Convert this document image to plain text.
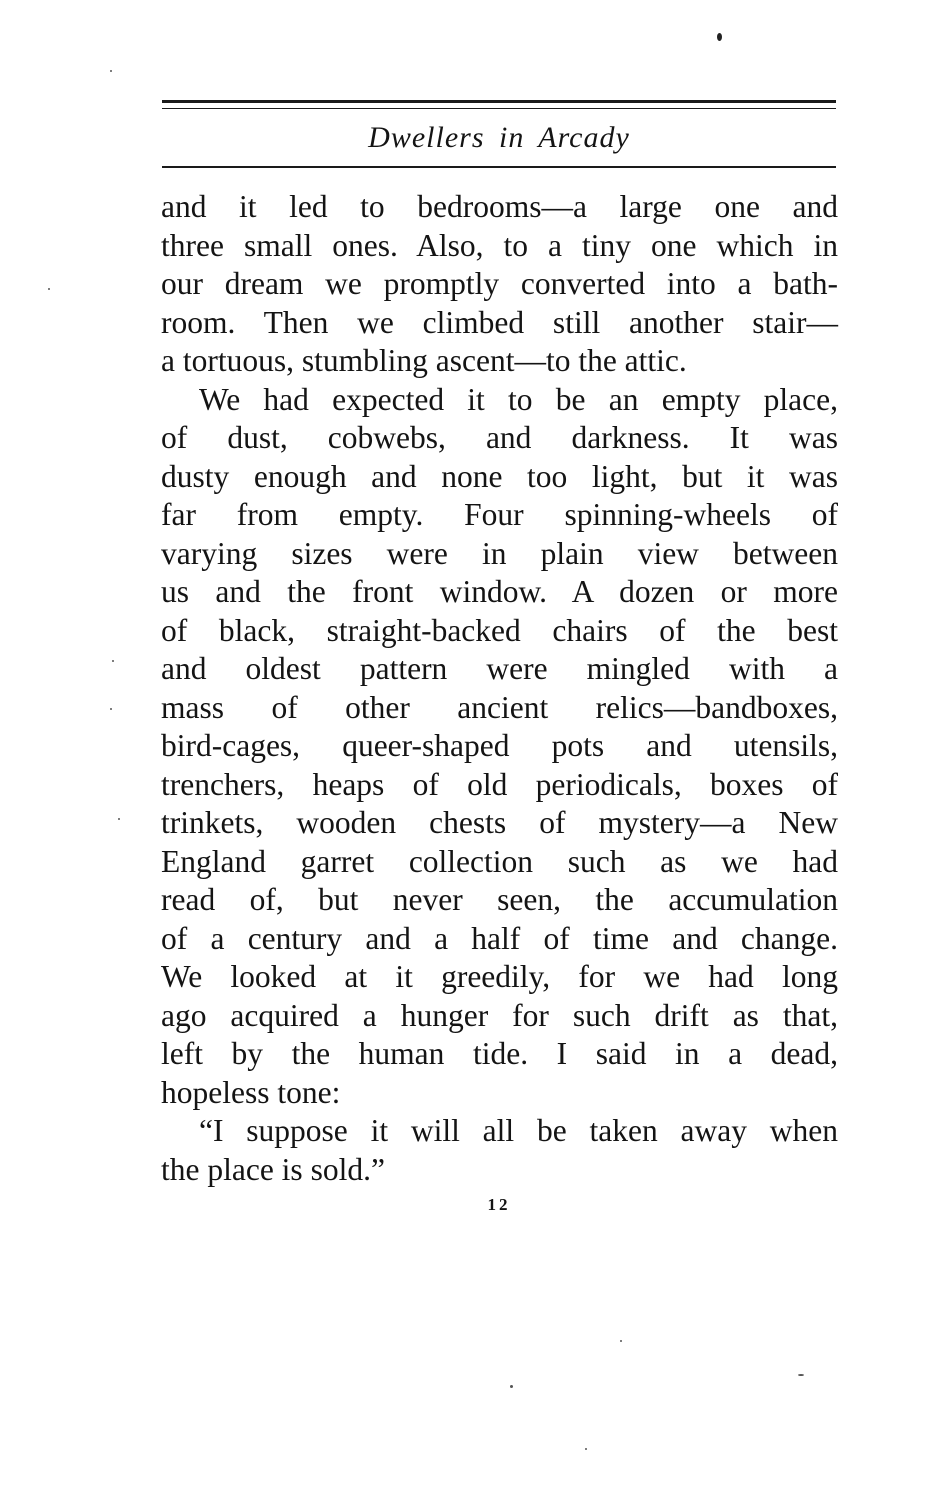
Dwellers in Arcady
and it led to bedrooms—a large one and
three small ones. Also, to a tiny one which in
our dream we promptly converted into a bath-
room. Then we climbed still another stair—
a tortuous, stumbling ascent—to the attic.
We had expected it to be an empty place,
of dust, cobwebs, and darkness. It was
dusty enough and none too light, but it was
far from empty. Four spinning-wheels of
varying sizes were in plain view between
us and the front window. A dozen or more
of black, straight-backed chairs of the best
and oldest pattern were mingled with a
mass of other ancient relics—bandboxes,
bird-cages, queer-shaped pots and utensils,
trenchers, heaps of old periodicals, boxes of
trinkets, wooden chests of mystery—a New
England garret collection such as we had
read of, but never seen, the accumulation
of a century and a half of time and change.
We looked at it greedily, for we had long
ago acquired a hunger for such drift as that,
left by the human tide. I said in a dead,
hopeless tone:
“I suppose it will all be taken away when
the place is sold.”
12
